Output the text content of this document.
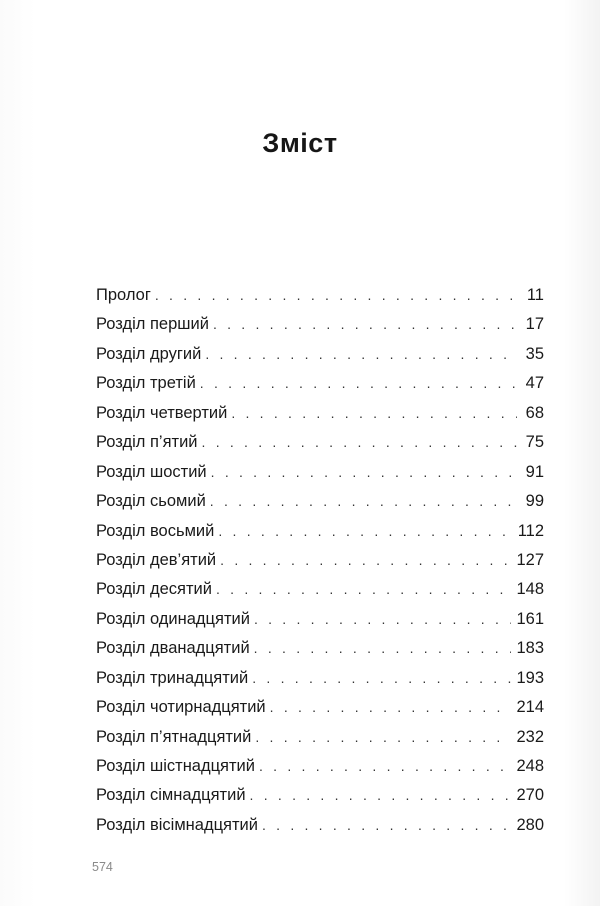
Зміст
Пролог . . .	11
Розділ перший . . .	17
Розділ другий . . .	35
Розділ третій . . .	47
Розділ четвертий . . .	68
Розділ п’ятий . . .	75
Розділ шостий . . .	91
Розділ сьомий . . .	99
Розділ восьмий . . .	112
Розділ дев’ятий . . .	127
Розділ десятий . . .	148
Розділ одинадцятий . . .	161
Розділ дванадцятий . . .	183
Розділ тринадцятий . . .	193
Розділ чотирнадцятий . . .	214
Розділ п’ятнадцятий . . .	232
Розділ шістнадцятий . . .	248
Розділ сімнадцятий . . .	270
Розділ вісімнадцятий . . .	280
574
